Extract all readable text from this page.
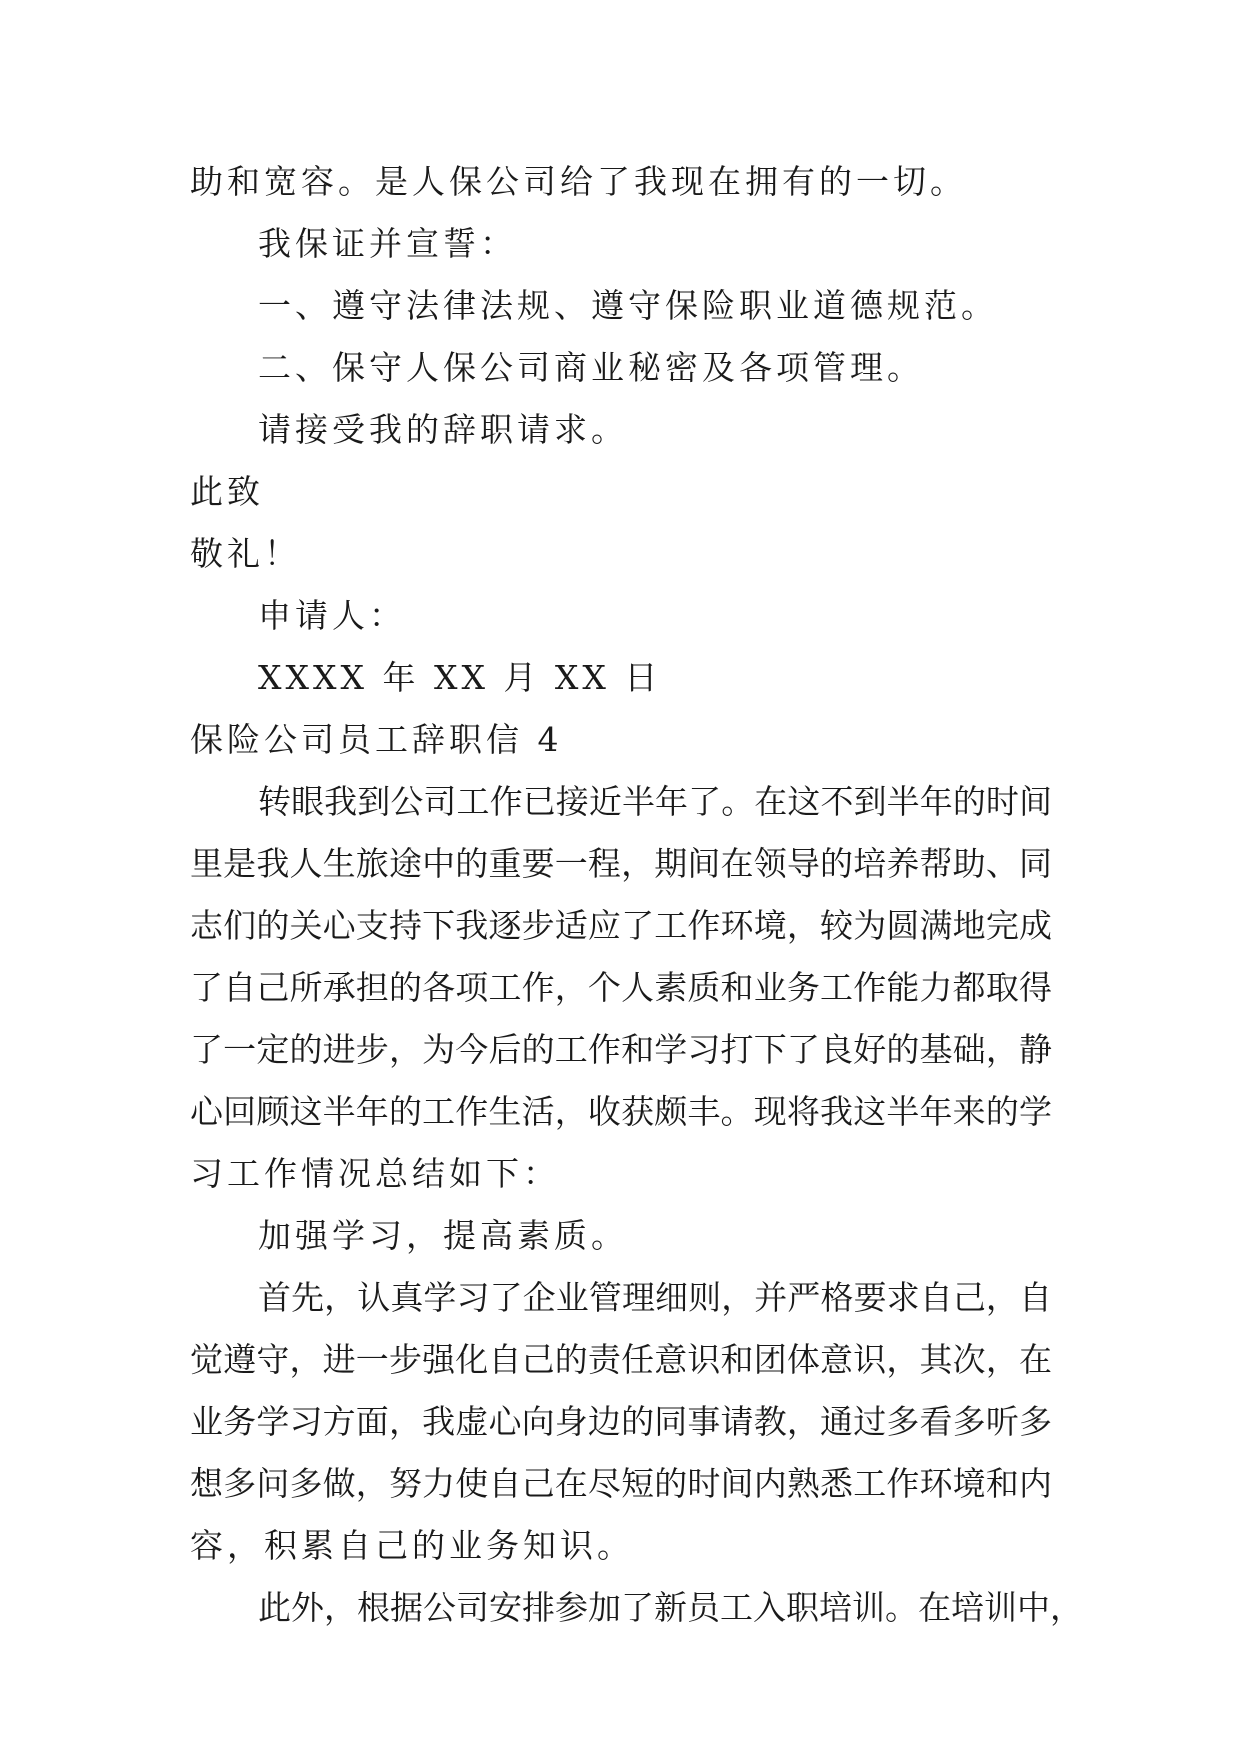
助和宽容。是人保公司给了我现在拥有的一切。
我保证并宣誓：
一、遵守法律法规、遵守保险职业道德规范。
二、保守人保公司商业秘密及各项管理。
请接受我的辞职请求。
此致
敬礼！
申请人：
XXXX 年 XX 月 XX 日
保险公司员工辞职信 4
转眼我到公司工作已接近半年了。在这不到半年的时间
里是我人生旅途中的重要一程，期间在领导的培养帮助、同
志们的关心支持下我逐步适应了工作环境，较为圆满地完成
了自己所承担的各项工作，个人素质和业务工作能力都取得
了一定的进步，为今后的工作和学习打下了良好的基础，静
心回顾这半年的工作生活，收获颇丰。现将我这半年来的学
习工作情况总结如下：
加强学习，提高素质。
首先，认真学习了企业管理细则，并严格要求自己，自
觉遵守，进一步强化自己的责任意识和团体意识，其次，在
业务学习方面，我虚心向身边的同事请教，通过多看多听多
想多问多做，努力使自己在尽短的时间内熟悉工作环境和内
容，积累自己的业务知识。
此外，根据公司安排参加了新员工入职培训。在培训中，
